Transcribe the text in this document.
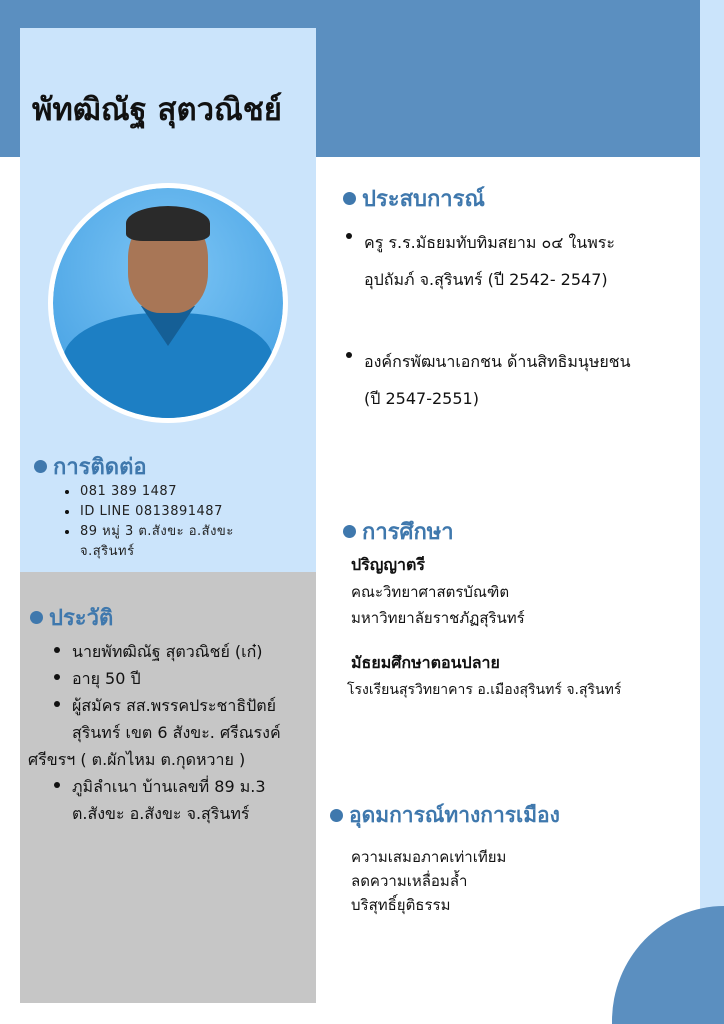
พัทฒิณัฐ สุตวณิชย์
การติดต่อ
081 389 1487
ID LINE 0813891487
89 หมู่ 3 ต.สังขะ อ.สังขะ
จ.สุรินทร์
ประวัติ
นายพัทฒิณัฐ สุตวณิชย์ (เก๋)
อายุ 50 ปี
ผู้สมัคร สส.พรรคประชาธิปัตย์
สุรินทร์ เขต 6 สังขะ. ศรีณรงค์
ศรีขรฯ ( ต.ผักไหม ต.กุดหวาย )
ภูมิลำเนา บ้านเลขที่ 89 ม.3
ต.สังขะ อ.สังขะ จ.สุรินทร์
ประสบการณ์
ครู ร.ร.มัธยมทับทิมสยาม ๐๔ ในพระ
อุปถัมภ์ จ.สุรินทร์ (ปี 2542- 2547)
องค์กรพัฒนาเอกชน ด้านสิทธิมนุษยชน
(ปี 2547-2551)
การศึกษา
ปริญญาตรี
คณะวิทยาศาสตรบัณฑิต
มหาวิทยาลัยราชภัฏสุรินทร์
มัธยมศึกษาตอนปลาย
โรงเรียนสุรวิทยาคาร อ.เมืองสุรินทร์ จ.สุรินทร์
อุดมการณ์ทางการเมือง
ความเสมอภาคเท่าเทียม
ลดความเหลื่อมล้ำ
บริสุทธิ์ยุติธรรม
